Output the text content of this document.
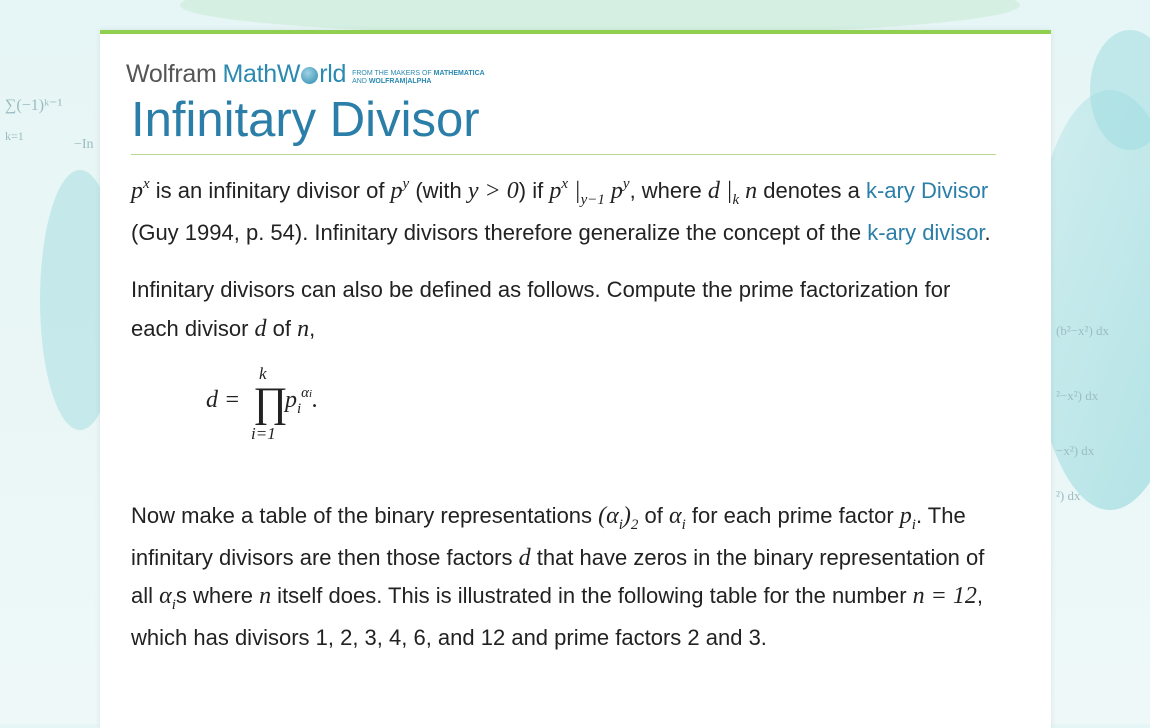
∑(−1)ᵏ⁻¹
k=1
−In
(b²−x²) dx
²−x²) dx
−x²) dx
²) dx
Wolfram MathW rld FROM THE MAKERS OF MATHEMATICA
AND WOLFRAM|ALPHA
Infinitary Divisor

$p^x$ is an infinitary divisor of $p^y$ (with y > 0) if $p^x$ $|_{y-1}$ $p^y$, where d $|_k$ n denotes a k-ary Divisor (Guy 1994, p. 54). Infinitary divisors therefore generalize the concept of the k-ary divisor.

Infinitary divisors can also be defined as follows. Compute the prime factorization for each divisor d of n,

d =
k
∏
i=1
$p_i^{\alpha i}$.

Now make a table of the binary representations $(\alpha_i)_2$ of $\alpha_i$ for each prime factor $p_i$. The infinitary divisors are then those factors d that have zeros in the binary representation of all $\alpha_is$ where n itself does. This is illustrated in the following table for the number n = 12, which has divisors 1, 2, 3, 4, 6, and 12 and prime factors 2 and 3.
